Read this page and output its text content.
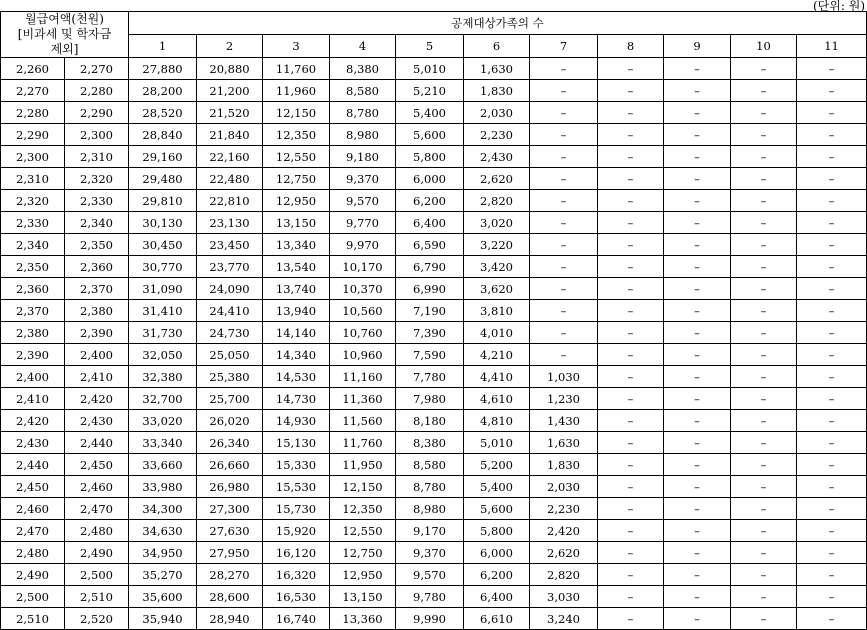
(단위: 원)
월급여액(천원)
[비과세 및 학자금
제외]		공제대상가족의 수										
		1	2	3	4	5	6	7	8	9	10	11
2,260	2,270	27,880	20,880	11,760	8,380	5,010	1,630	–	–	–	–	–
2,270	2,280	28,200	21,200	11,960	8,580	5,210	1,830	–	–	–	–	–
2,280	2,290	28,520	21,520	12,150	8,780	5,400	2,030	–	–	–	–	–
2,290	2,300	28,840	21,840	12,350	8,980	5,600	2,230	–	–	–	–	–
2,300	2,310	29,160	22,160	12,550	9,180	5,800	2,430	–	–	–	–	–
2,310	2,320	29,480	22,480	12,750	9,370	6,000	2,620	–	–	–	–	–
2,320	2,330	29,810	22,810	12,950	9,570	6,200	2,820	–	–	–	–	–
2,330	2,340	30,130	23,130	13,150	9,770	6,400	3,020	–	–	–	–	–
2,340	2,350	30,450	23,450	13,340	9,970	6,590	3,220	–	–	–	–	–
2,350	2,360	30,770	23,770	13,540	10,170	6,790	3,420	–	–	–	–	–
2,360	2,370	31,090	24,090	13,740	10,370	6,990	3,620	–	–	–	–	–
2,370	2,380	31,410	24,410	13,940	10,560	7,190	3,810	–	–	–	–	–
2,380	2,390	31,730	24,730	14,140	10,760	7,390	4,010	–	–	–	–	–
2,390	2,400	32,050	25,050	14,340	10,960	7,590	4,210	–	–	–	–	–
2,400	2,410	32,380	25,380	14,530	11,160	7,780	4,410	1,030	–	–	–	–
2,410	2,420	32,700	25,700	14,730	11,360	7,980	4,610	1,230	–	–	–	–
2,420	2,430	33,020	26,020	14,930	11,560	8,180	4,810	1,430	–	–	–	–
2,430	2,440	33,340	26,340	15,130	11,760	8,380	5,010	1,630	–	–	–	–
2,440	2,450	33,660	26,660	15,330	11,950	8,580	5,200	1,830	–	–	–	–
2,450	2,460	33,980	26,980	15,530	12,150	8,780	5,400	2,030	–	–	–	–
2,460	2,470	34,300	27,300	15,730	12,350	8,980	5,600	2,230	–	–	–	–
2,470	2,480	34,630	27,630	15,920	12,550	9,170	5,800	2,420	–	–	–	–
2,480	2,490	34,950	27,950	16,120	12,750	9,370	6,000	2,620	–	–	–	–
2,490	2,500	35,270	28,270	16,320	12,950	9,570	6,200	2,820	–	–	–	–
2,500	2,510	35,600	28,600	16,530	13,150	9,780	6,400	3,030	–	–	–	–
2,510	2,520	35,940	28,940	16,740	13,360	9,990	6,610	3,240	–	–	–	–
